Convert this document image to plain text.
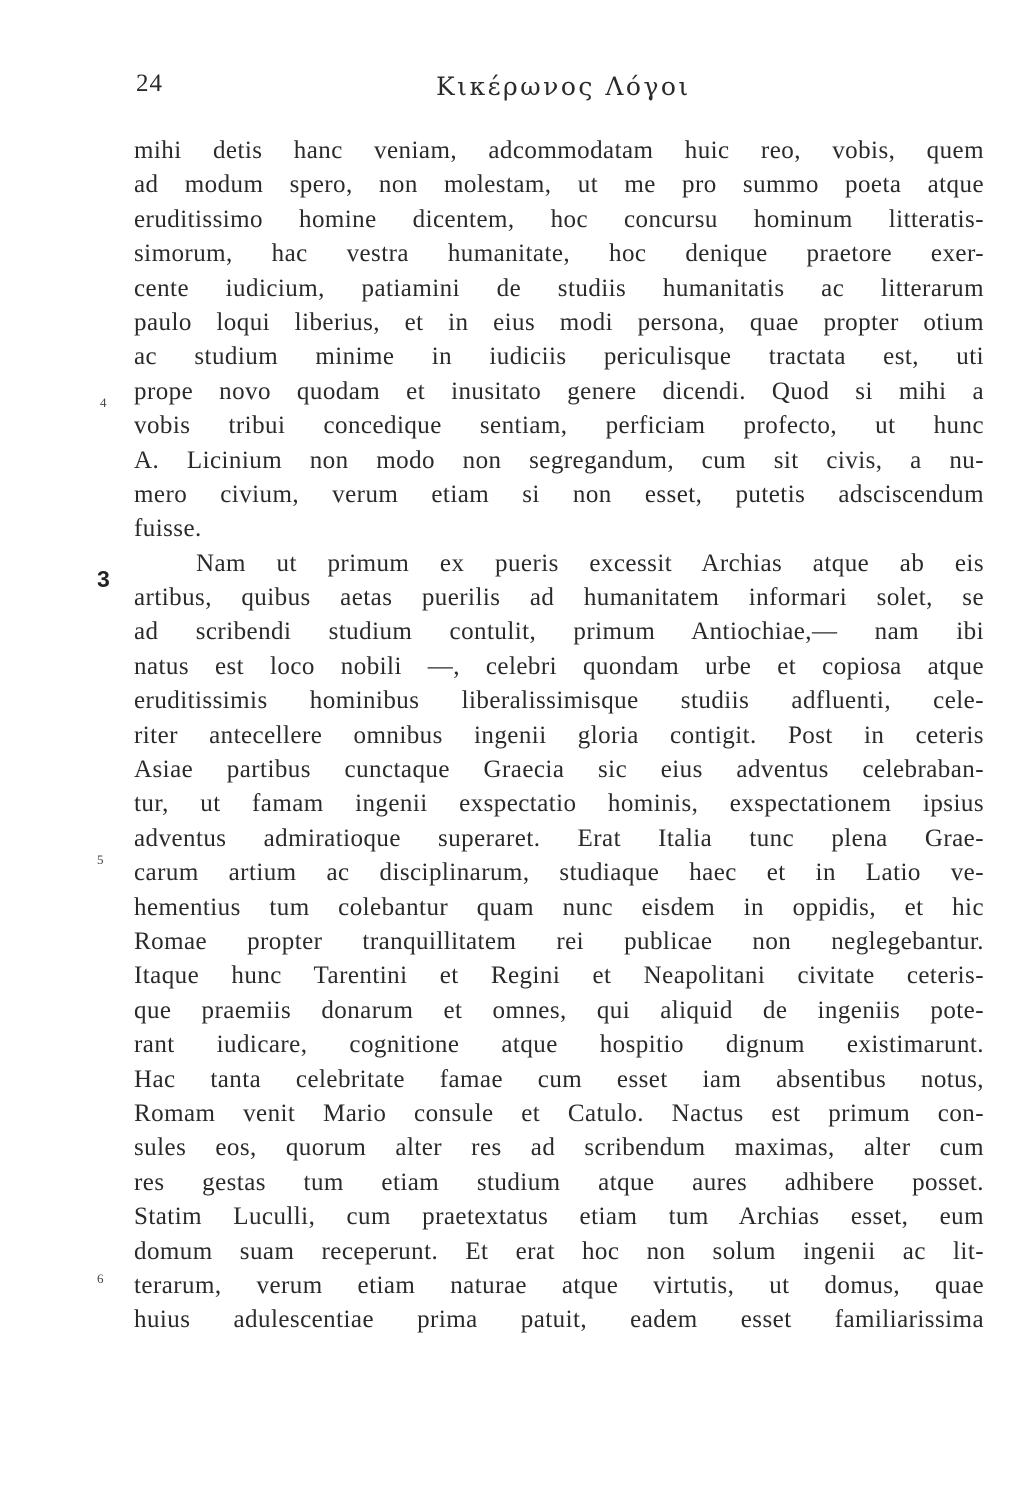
24	Κικέρωνος Λόγοι
4
3
5
6
mihi detis hanc veniam, adcommodatam huic reo, vobis, quem
ad modum spero, non molestam, ut me pro summo poeta atque
eruditissimo homine dicentem, hoc concursu hominum litteratis-
simorum, hac vestra humanitate, hoc denique praetore exer-
cente iudicium, patiamini de studiis humanitatis ac litterarum
paulo loqui liberius, et in eius modi persona, quae propter otium
ac studium minime in iudiciis periculisque tractata est, uti
prope novo quodam et inusitato genere dicendi. Quod si mihi a
vobis tribui concedique sentiam, perficiam profecto, ut hunc
A. Licinium non modo non segregandum, cum sit civis, a nu-
mero civium, verum etiam si non esset, putetis adsciscendum
fuisse.
Nam ut primum ex pueris excessit Archias atque ab eis
artibus, quibus aetas puerilis ad humanitatem informari solet, se
ad scribendi studium contulit, primum Antiochiae,— nam ibi
natus est loco nobili —, celebri quondam urbe et copiosa atque
eruditissimis hominibus liberalissimisque studiis adfluenti, cele-
riter antecellere omnibus ingenii gloria contigit. Post in ceteris
Asiae partibus cunctaque Graecia sic eius adventus celebraban-
tur, ut famam ingenii exspectatio hominis, exspectationem ipsius
adventus admiratioque superaret. Erat Italia tunc plena Grae-
carum artium ac disciplinarum, studiaque haec et in Latio ve-
hementius tum colebantur quam nunc eisdem in oppidis, et hic
Romae propter tranquillitatem rei publicae non neglegebantur.
Itaque hunc Tarentini et Regini et Neapolitani civitate ceteris-
que praemiis donarum et omnes, qui aliquid de ingeniis pote-
rant iudicare, cognitione atque hospitio dignum existimarunt.
Hac tanta celebritate famae cum esset iam absentibus notus,
Romam venit Mario consule et Catulo. Nactus est primum con-
sules eos, quorum alter res ad scribendum maximas, alter cum
res gestas tum etiam studium atque aures adhibere posset.
Statim Luculli, cum praetextatus etiam tum Archias esset, eum
domum suam receperunt. Et erat hoc non solum ingenii ac lit-
terarum, verum etiam naturae atque virtutis, ut domus, quae
huius adulescentiae prima patuit, eadem esset familiarissima
